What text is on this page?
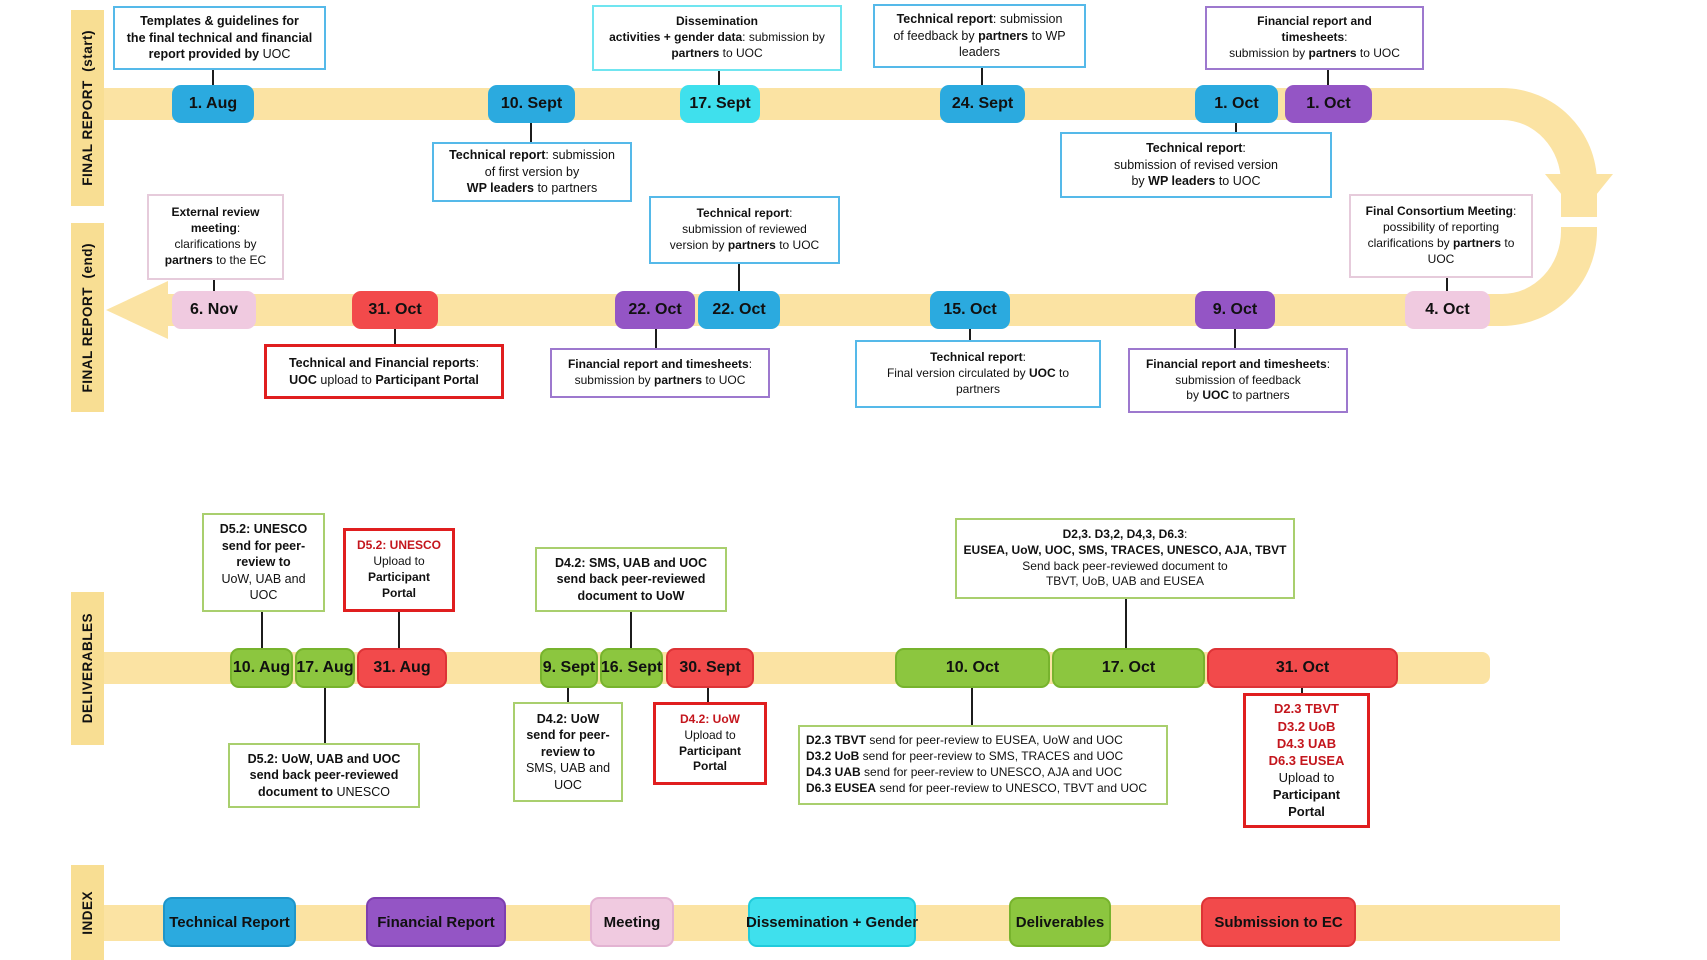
FINAL REPORT  (start)
FINAL REPORT  (end)
DELIVERABLES
INDEX
1. Aug	10. Sept	17. Sept	24. Sept	1. Oct	1. Oct
6. Nov	31. Oct	22. Oct	22. Oct	15. Oct	9. Oct	4. Oct
10. Aug 17. Aug	31. Aug	9. Sept 16. Sept	30. Sept	10. Oct	17. Oct	31. Oct
Templates & guidelines for
the final technical and financial
report provided by UOC
Technical report: submission
of first version by
WP leaders to partners
Dissemination
activities + gender data: submission by
partners to UOC
Technical report: submission
of feedback by partners to WP
leaders
Financial report and
timesheets:
submission by partners to UOC
Technical report:
submission of revised version
by WP leaders to UOC
External review
meeting:
clarifications by
partners to the EC
Technical and Financial reports:
UOC upload to Participant Portal
Technical report:
submission of reviewed
version by partners to UOC
Financial report and timesheets:
submission by partners to UOC
Technical report:
Final version circulated by UOC to
partners
Financial report and timesheets:
submission of feedback
by UOC to partners
Final Consortium Meeting:
possibility of reporting
clarifications by partners to
UOC
D5.2: UNESCO
send for peer-
review to
UoW, UAB and
UOC
D5.2: UNESCO
Upload to
Participant
Portal
D5.2: UoW, UAB and UOC
send back peer-reviewed
document to UNESCO
D4.2: SMS, UAB and UOC
send back peer-reviewed
document to UoW
D4.2: UoW
send for peer-
review to
SMS, UAB and
UOC
D4.2: UoW
Upload to
Participant
Portal
D2,3. D3,2, D4,3, D6.3:
EUSEA, UoW, UOC, SMS, TRACES, UNESCO, AJA, TBVT
Send back peer-reviewed document to
TBVT, UoB, UAB and EUSEA
D2.3 TBVT send for peer-review to EUSEA, UoW and UOC
D3.2 UoB send for peer-review to SMS, TRACES and UOC
D4.3 UAB send for peer-review to UNESCO, AJA and UOC
D6.3 EUSEA send for peer-review to UNESCO, TBVT and UOC
D2.3 TBVT
D3.2 UoB
D4.3 UAB
D6.3 EUSEA
Upload to
Participant
Portal
Technical Report	Financial Report	Meeting	Dissemination + Gender	Deliverables	Submission to EC
